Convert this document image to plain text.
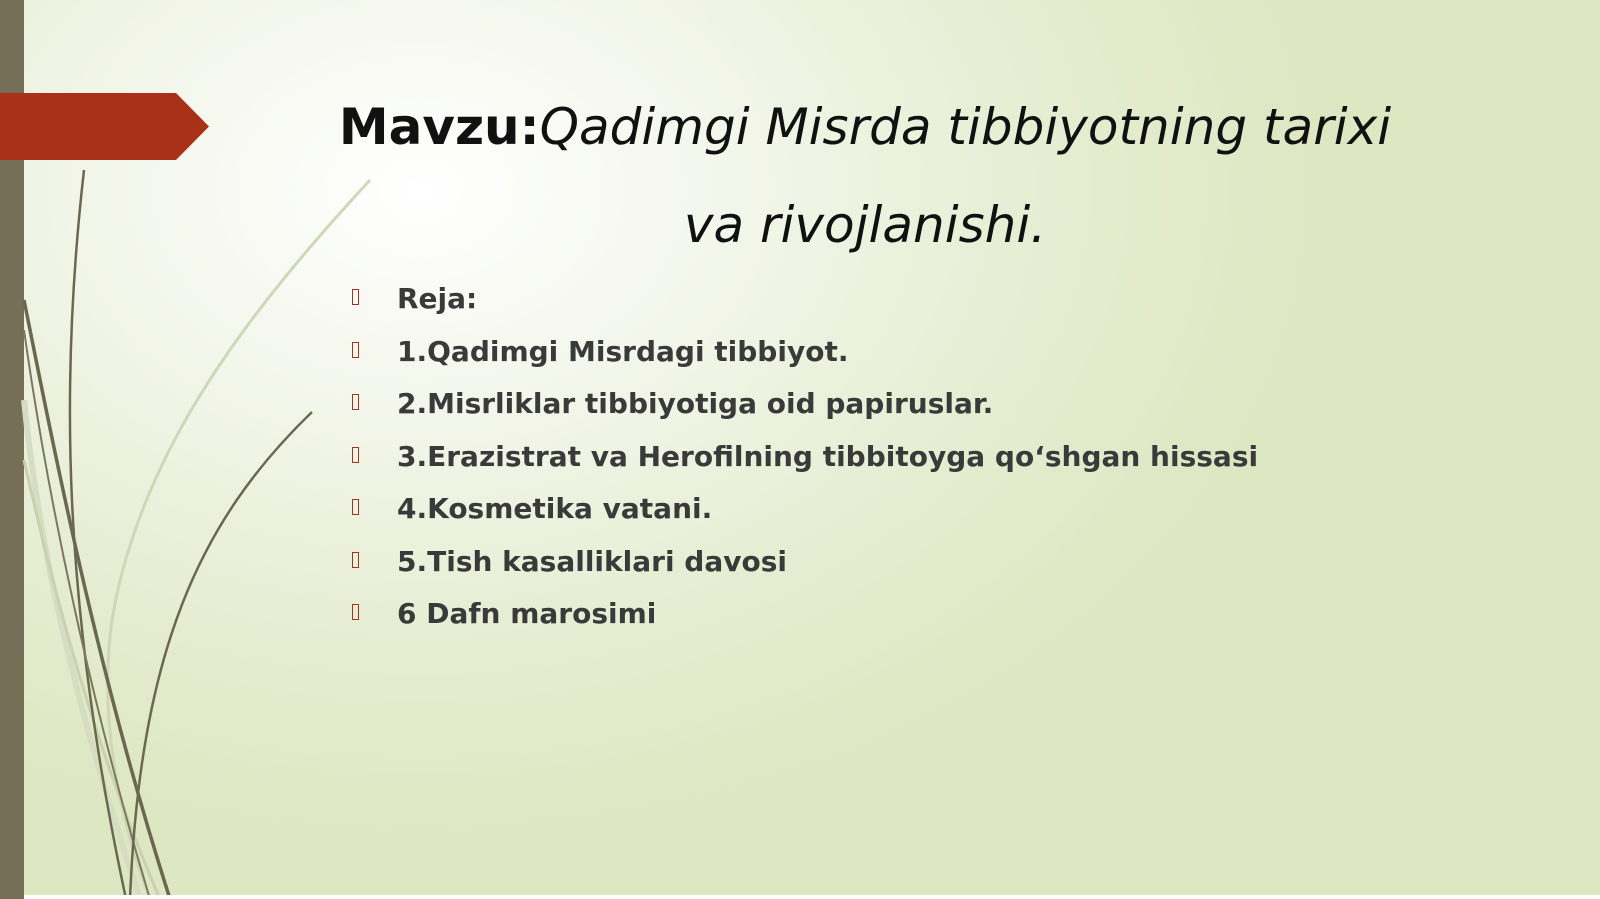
Mavzu:Qadimgi Misrda tibbiyotning tarixi va rivojlanishi.
Reja:
1.Qadimgi Misrdagi tibbiyot.
2.Misrliklar tibbiyotiga oid papiruslar.
3.Erazistrat va Herofilning tibbitoyga qo‘shgan hissasi
4.Kosmetika vatani.
5.Tish kasalliklari davosi
6 Dafn marosimi
